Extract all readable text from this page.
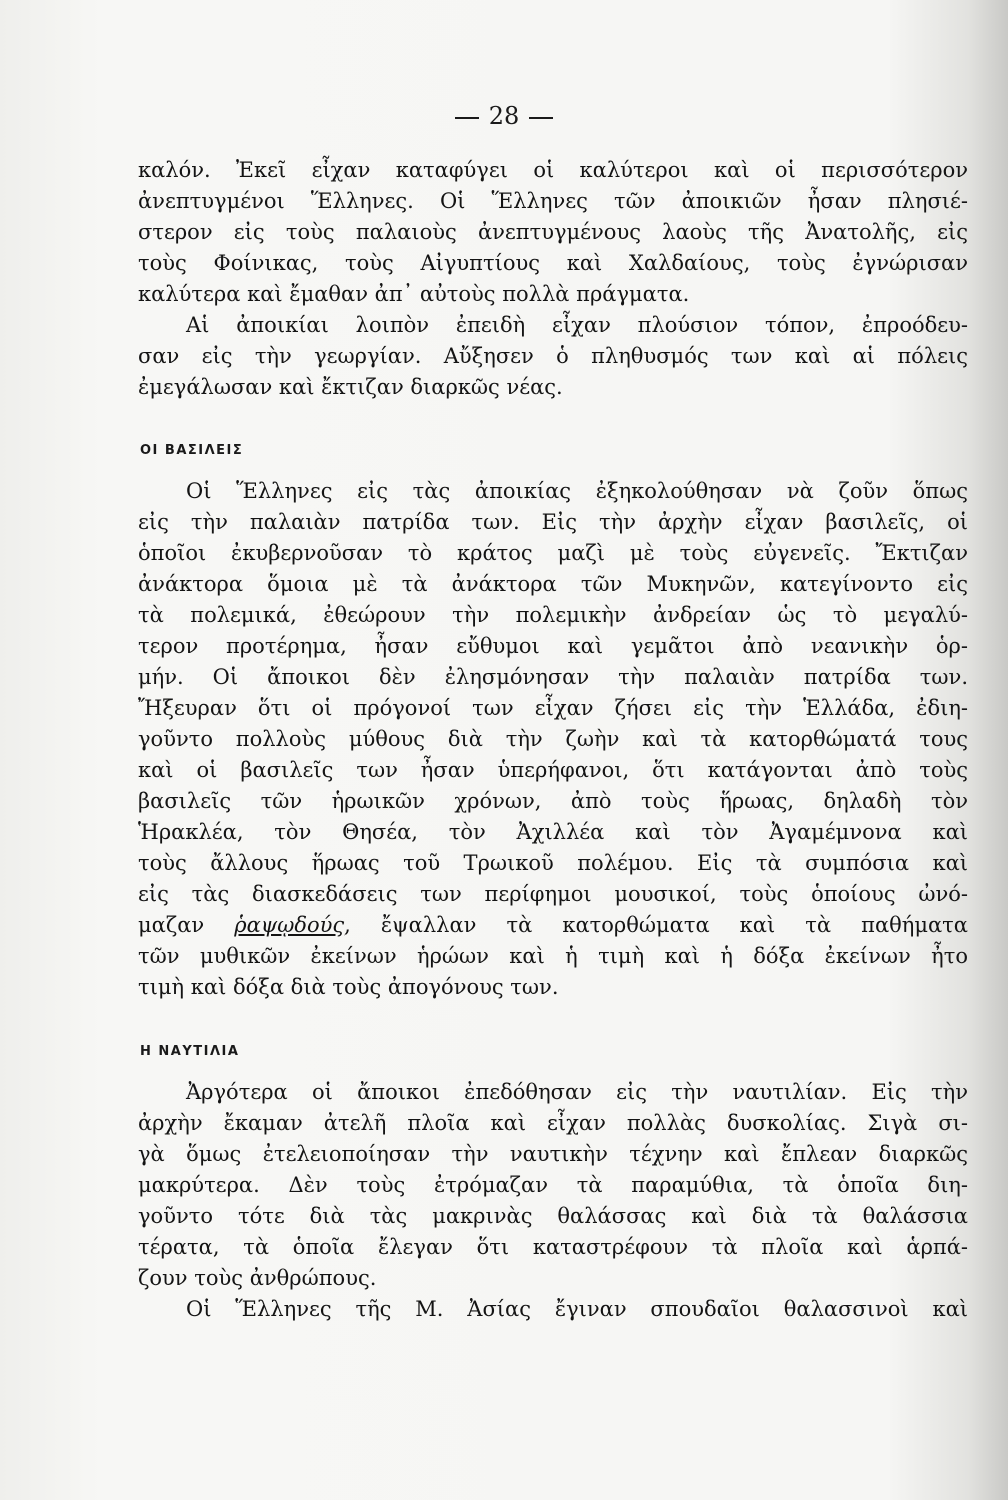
28
καλόν. Ἐκεῖ εἶχαν καταφύγει οἱ καλύτεροι καὶ οἱ περισσότερον
ἀνεπτυγμένοι Ἕλληνες. Οἱ Ἕλληνες τῶν ἀποικιῶν ἦσαν πλησιέ-
στερον εἰς τοὺς παλαιοὺς ἀνεπτυγμένους λαοὺς τῆς Ἀνατολῆς, εἰς
τοὺς Φοίνικας, τοὺς Αἰγυπτίους καὶ Χαλδαίους, τοὺς ἐγνώρισαν
καλύτερα καὶ ἔμαθαν ἀπ᾿ αὐτοὺς πολλὰ πράγματα.
Αἱ ἀποικίαι λοιπὸν ἐπειδὴ εἶχαν πλούσιον τόπον, ἐπροόδευ-
σαν εἰς τὴν γεωργίαν. Αὔξησεν ὁ πληθυσμός των καὶ αἱ πόλεις
ἐμεγάλωσαν καὶ ἔκτιζαν διαρκῶς νέας.
ΟΙ ΒΑΣΙΛΕΙΣ
Οἱ Ἕλληνες εἰς τὰς ἀποικίας ἐξηκολούθησαν νὰ ζοῦν ὅπως
εἰς τὴν παλαιὰν πατρίδα των. Εἰς τὴν ἀρχὴν εἶχαν βασιλεῖς, οἱ
ὁποῖοι ἐκυβερνοῦσαν τὸ κράτος μαζὶ μὲ τοὺς εὐγενεῖς. Ἔκτιζαν
ἀνάκτορα ὅμοια μὲ τὰ ἀνάκτορα τῶν Μυκηνῶν, κατεγίνοντο εἰς
τὰ πολεμικά, ἐθεώρουν τὴν πολεμικὴν ἀνδρείαν ὡς τὸ μεγαλύ-
τερον προτέρημα, ἦσαν εὔθυμοι καὶ γεμᾶτοι ἀπὸ νεανικὴν ὁρ-
μήν. Οἱ ἄποικοι δὲν ἐλησμόνησαν τὴν παλαιὰν πατρίδα των.
Ἤξευραν ὅτι οἱ πρόγονοί των εἶχαν ζήσει εἰς τὴν Ἑλλάδα, ἐδιη-
γοῦντο πολλοὺς μύθους διὰ τὴν ζωὴν καὶ τὰ κατορθώματά τους
καὶ οἱ βασιλεῖς των ἦσαν ὑπερήφανοι, ὅτι κατάγονται ἀπὸ τοὺς
βασιλεῖς τῶν ἡρωικῶν χρόνων, ἀπὸ τοὺς ἥρωας, δηλαδὴ τὸν
Ἡρακλέα, τὸν Θησέα, τὸν Ἀχιλλέα καὶ τὸν Ἀγαμέμνονα καὶ
τοὺς ἄλλους ἥρωας τοῦ Τρωικοῦ πολέμου. Εἰς τὰ συμπόσια καὶ
εἰς τὰς διασκεδάσεις των περίφημοι μουσικοί, τοὺς ὁποίους ὠνό-
μαζαν ῥαψῳδούς, ἔψαλλαν τὰ κατορθώματα καὶ τὰ παθήματα
τῶν μυθικῶν ἐκείνων ἡρώων καὶ ἡ τιμὴ καὶ ἡ δόξα ἐκείνων ἦτο
τιμὴ καὶ δόξα διὰ τοὺς ἀπογόνους των.
Η ΝΑΥΤΙΛΙΑ
Ἀργότερα οἱ ἄποικοι ἐπεδόθησαν εἰς τὴν ναυτιλίαν. Εἰς τὴν
ἀρχὴν ἔκαμαν ἀτελῆ πλοῖα καὶ εἶχαν πολλὰς δυσκολίας. Σιγὰ σι-
γὰ ὅμως ἐτελειοποίησαν τὴν ναυτικὴν τέχνην καὶ ἔπλεαν διαρκῶς
μακρύτερα. Δὲν τοὺς ἐτρόμαζαν τὰ παραμύθια, τὰ ὁποῖα διη-
γοῦντο τότε διὰ τὰς μακρινὰς θαλάσσας καὶ διὰ τὰ θαλάσσια
τέρατα, τὰ ὁποῖα ἔλεγαν ὅτι καταστρέφουν τὰ πλοῖα καὶ ἁρπά-
ζουν τοὺς ἀνθρώπους.
Οἱ Ἕλληνες τῆς Μ. Ἀσίας ἔγιναν σπουδαῖοι θαλασσινοὶ καὶ
